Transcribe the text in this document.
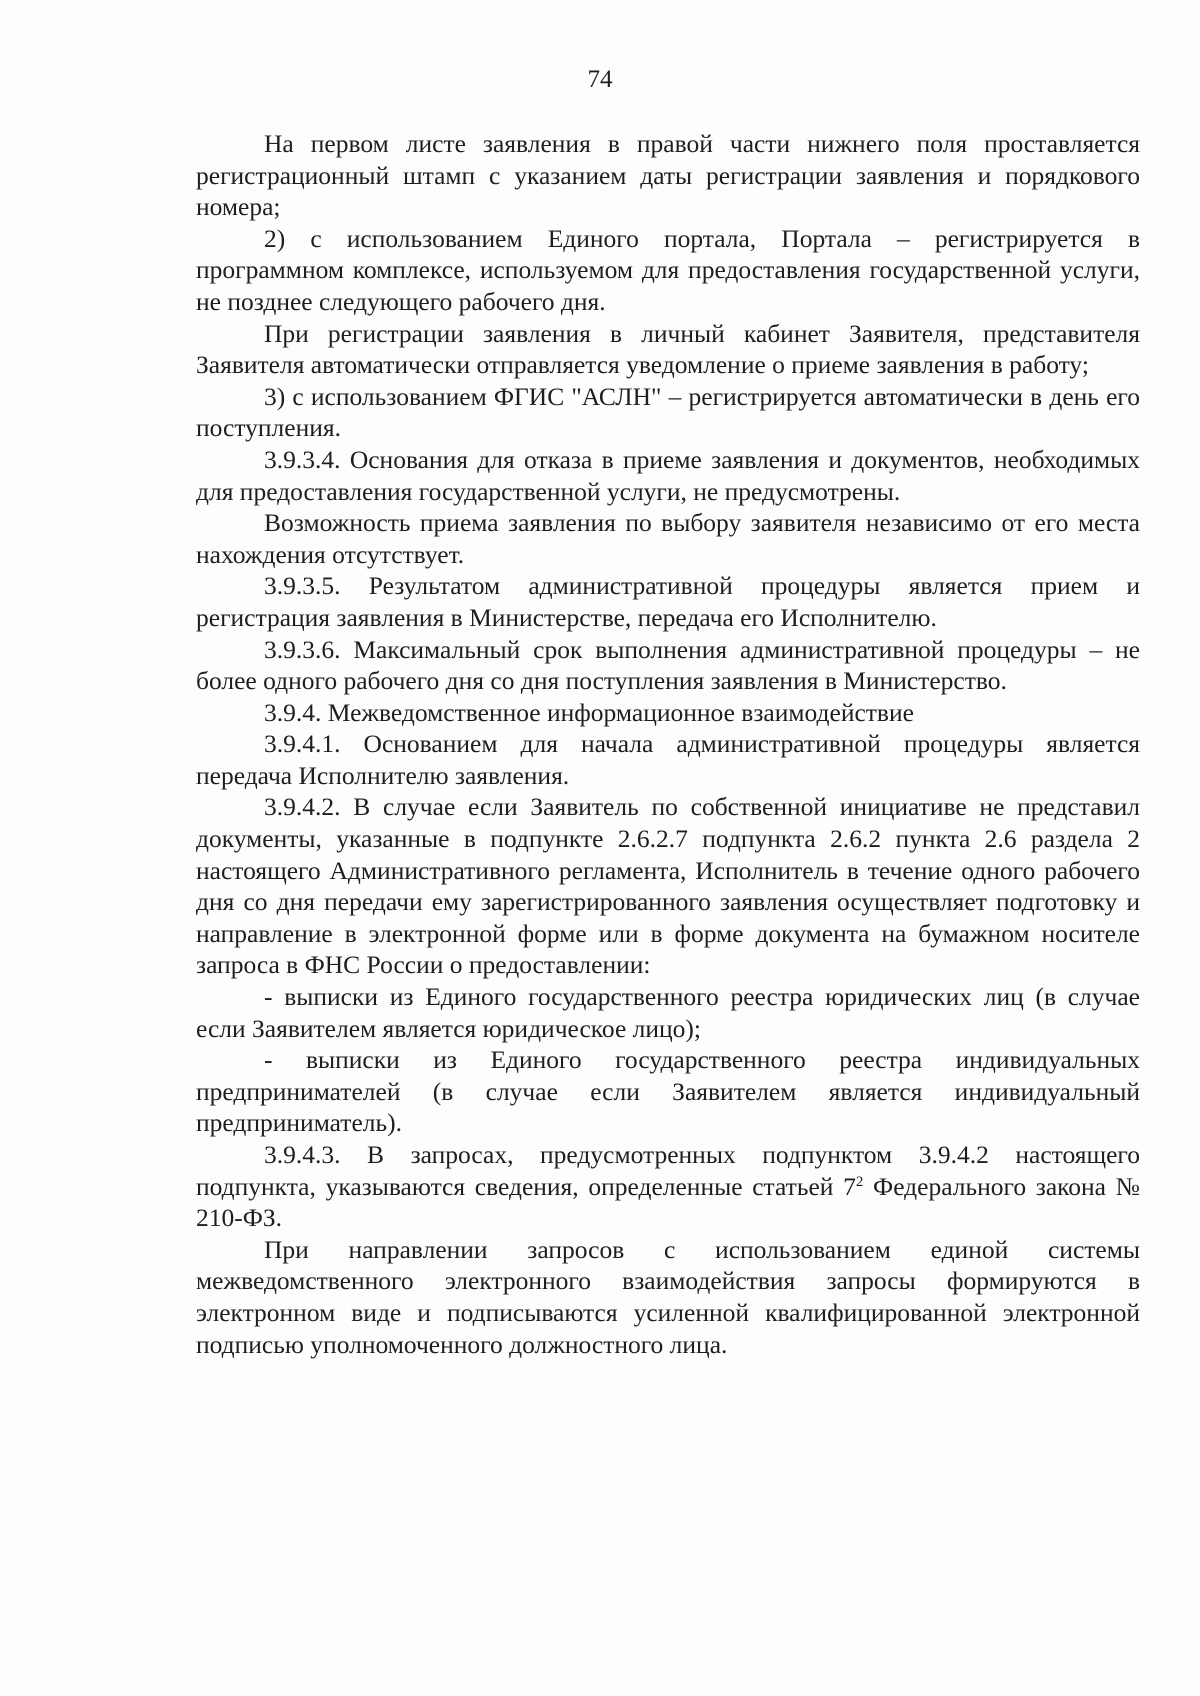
74

На первом листе заявления в правой части нижнего поля проставляется регистрационный штамп с указанием даты регистрации заявления и порядкового номера;

2) с использованием Единого портала, Портала – регистрируется в программном комплексе, используемом для предоставления государственной услуги, не позднее следующего рабочего дня.

При регистрации заявления в личный кабинет Заявителя, представителя Заявителя автоматически отправляется уведомление о приеме заявления в работу;

3) с использованием ФГИС "АСЛН" – регистрируется автоматически в день его поступления.

3.9.3.4. Основания для отказа в приеме заявления и документов, необходимых для предоставления государственной услуги, не предусмотрены.

Возможность приема заявления по выбору заявителя независимо от его места нахождения отсутствует.

3.9.3.5. Результатом административной процедуры является прием и регистрация заявления в Министерстве, передача его Исполнителю.

3.9.3.6. Максимальный срок выполнения административной процедуры – не более одного рабочего дня со дня поступления заявления в Министерство.

3.9.4. Межведомственное информационное взаимодействие

3.9.4.1. Основанием для начала административной процедуры является передача Исполнителю заявления.

3.9.4.2. В случае если Заявитель по собственной инициативе не представил документы, указанные в подпункте 2.6.2.7 подпункта 2.6.2 пункта 2.6 раздела 2 настоящего Административного регламента, Исполнитель в течение одного рабочего дня со дня передачи ему зарегистрированного заявления осуществляет подготовку и направление в электронной форме или в форме документа на бумажном носителе запроса в ФНС России о предоставлении:

- выписки из Единого государственного реестра юридических лиц (в случае если Заявителем является юридическое лицо);

- выписки из Единого государственного реестра индивидуальных предпринимателей (в случае если Заявителем является индивидуальный предприниматель).

3.9.4.3. В запросах, предусмотренных подпунктом 3.9.4.2 настоящего подпункта, указываются сведения, определенные статьей $7^2$ Федерального закона № 210-ФЗ.

При направлении запросов с использованием единой системы межведомственного электронного взаимодействия запросы формируются в электронном виде и подписываются усиленной квалифицированной электронной подписью уполномоченного должностного лица.
